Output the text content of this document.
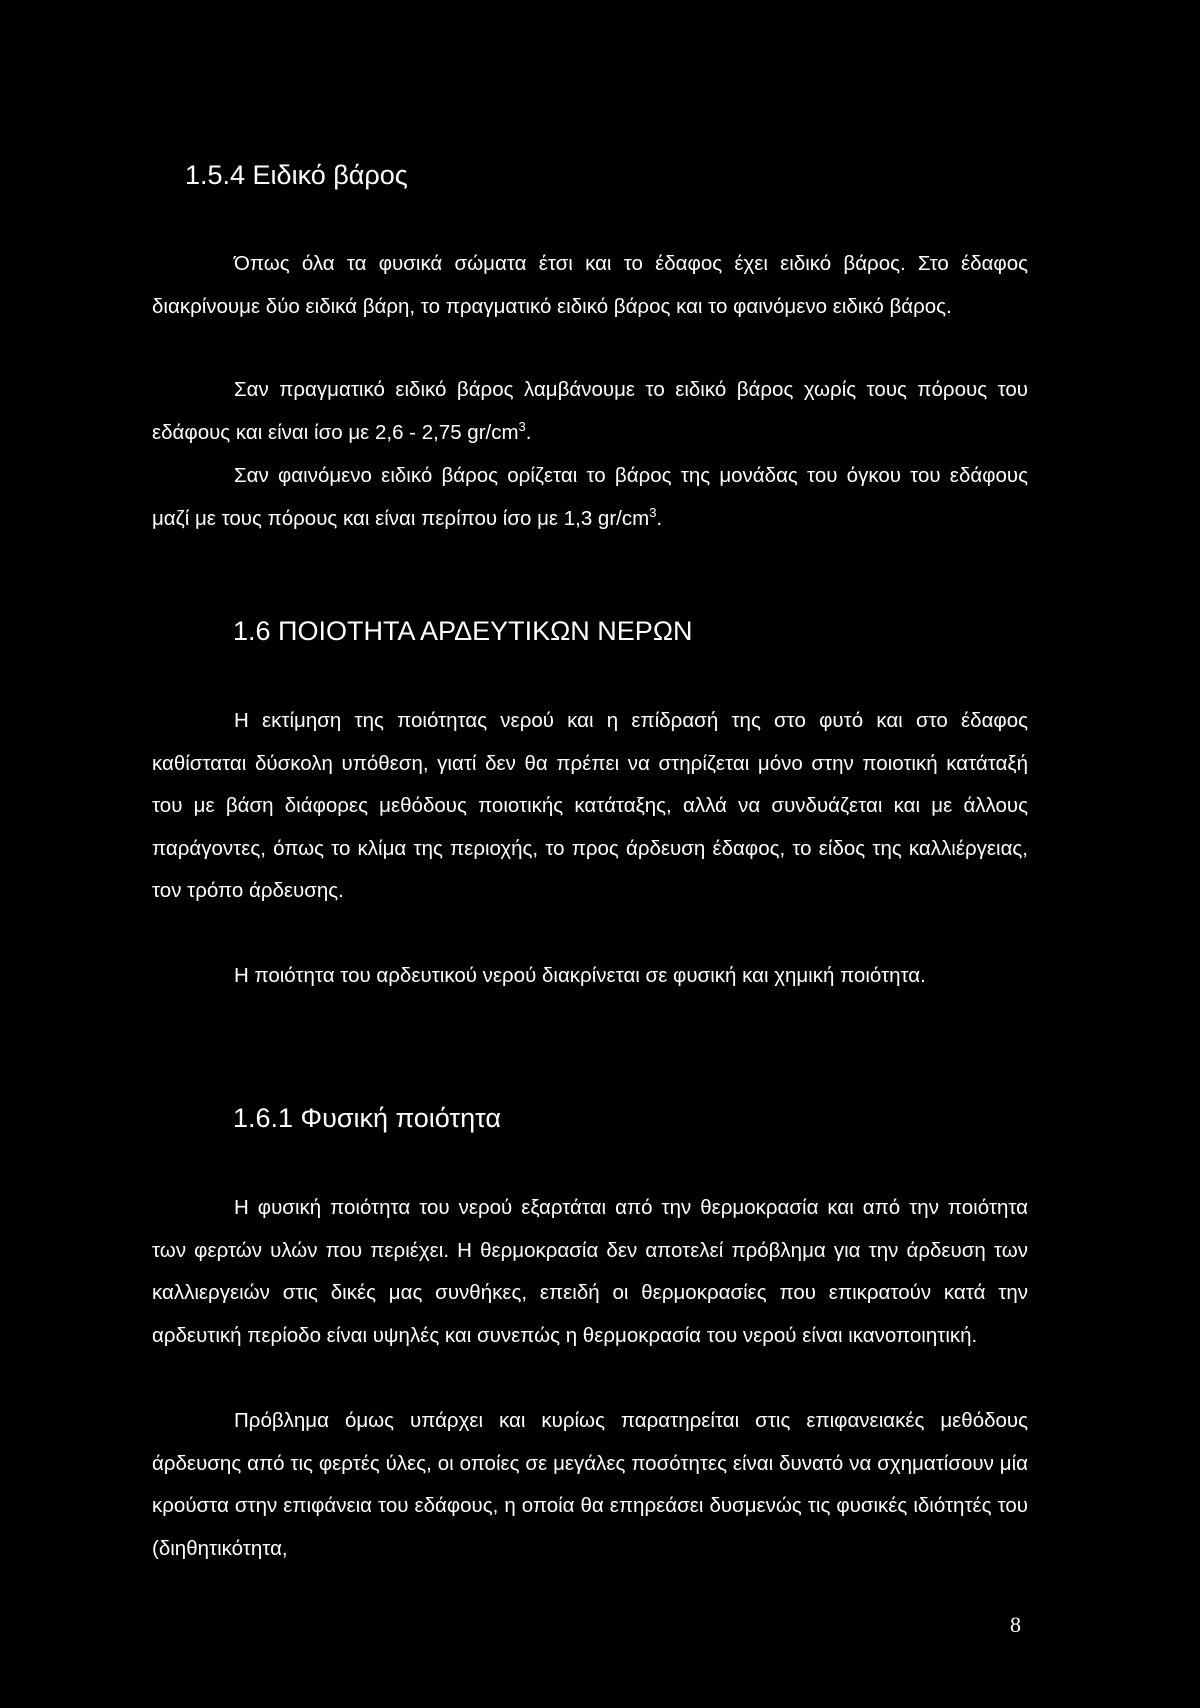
1.5.4 Ειδικό βάρος

Όπως όλα τα φυσικά σώματα έτσι και το έδαφος έχει ειδικό βάρος. Στο έδαφος διακρίνουμε δύο ειδικά βάρη, το πραγματικό ειδικό βάρος και το φαινόμενο ειδικό βάρος.

Σαν πραγματικό ειδικό βάρος λαμβάνουμε το ειδικό βάρος χωρίς τους πόρους του εδάφους και είναι ίσο με 2,6 - 2,75 $gr/cm^3$.

Σαν φαινόμενο ειδικό βάρος ορίζεται το βάρος της μονάδας του όγκου του εδάφους μαζί με τους πόρους και είναι περίπου ίσο με 1,3 $gr/cm^3$.

1.6 ΠΟΙΟΤΗΤΑ ΑΡΔΕΥΤΙΚΩΝ ΝΕΡΩΝ

Η εκτίμηση της ποιότητας νερού και η επίδρασή της στο φυτό και στο έδαφος καθίσταται δύσκολη υπόθεση, γιατί δεν θα πρέπει να στηρίζεται μόνο στην ποιοτική κατάταξή του με βάση διάφορες μεθόδους ποιοτικής κατάταξης, αλλά να συνδυάζεται και με άλλους παράγοντες, όπως το κλίμα της περιοχής, το προς άρδευση έδαφος, το είδος της καλλιέργειας, τον τρόπο άρδευσης.

Η ποιότητα του αρδευτικού νερού διακρίνεται σε φυσική και χημική ποιότητα.

1.6.1 Φυσική ποιότητα

Η φυσική ποιότητα του νερού εξαρτάται από την θερμοκρασία και από την ποιότητα των φερτών υλών που περιέχει. Η θερμοκρασία δεν αποτελεί πρόβλημα για την άρδευση των καλλιεργειών στις δικές μας συνθήκες, επειδή οι θερμοκρασίες που επικρατούν κατά την αρδευτική περίοδο είναι υψηλές και συνεπώς η θερμοκρασία του νερού είναι ικανοποιητική.

Πρόβλημα όμως υπάρχει και κυρίως παρατηρείται στις επιφανειακές μεθόδους άρδευσης από τις φερτές ύλες, οι οποίες σε μεγάλες ποσότητες είναι δυνατό να σχηματίσουν μία κρούστα στην επιφάνεια του εδάφους, η οποία θα επηρεάσει δυσμενώς τις φυσικές ιδιότητές του (διηθητικότητα,

8
